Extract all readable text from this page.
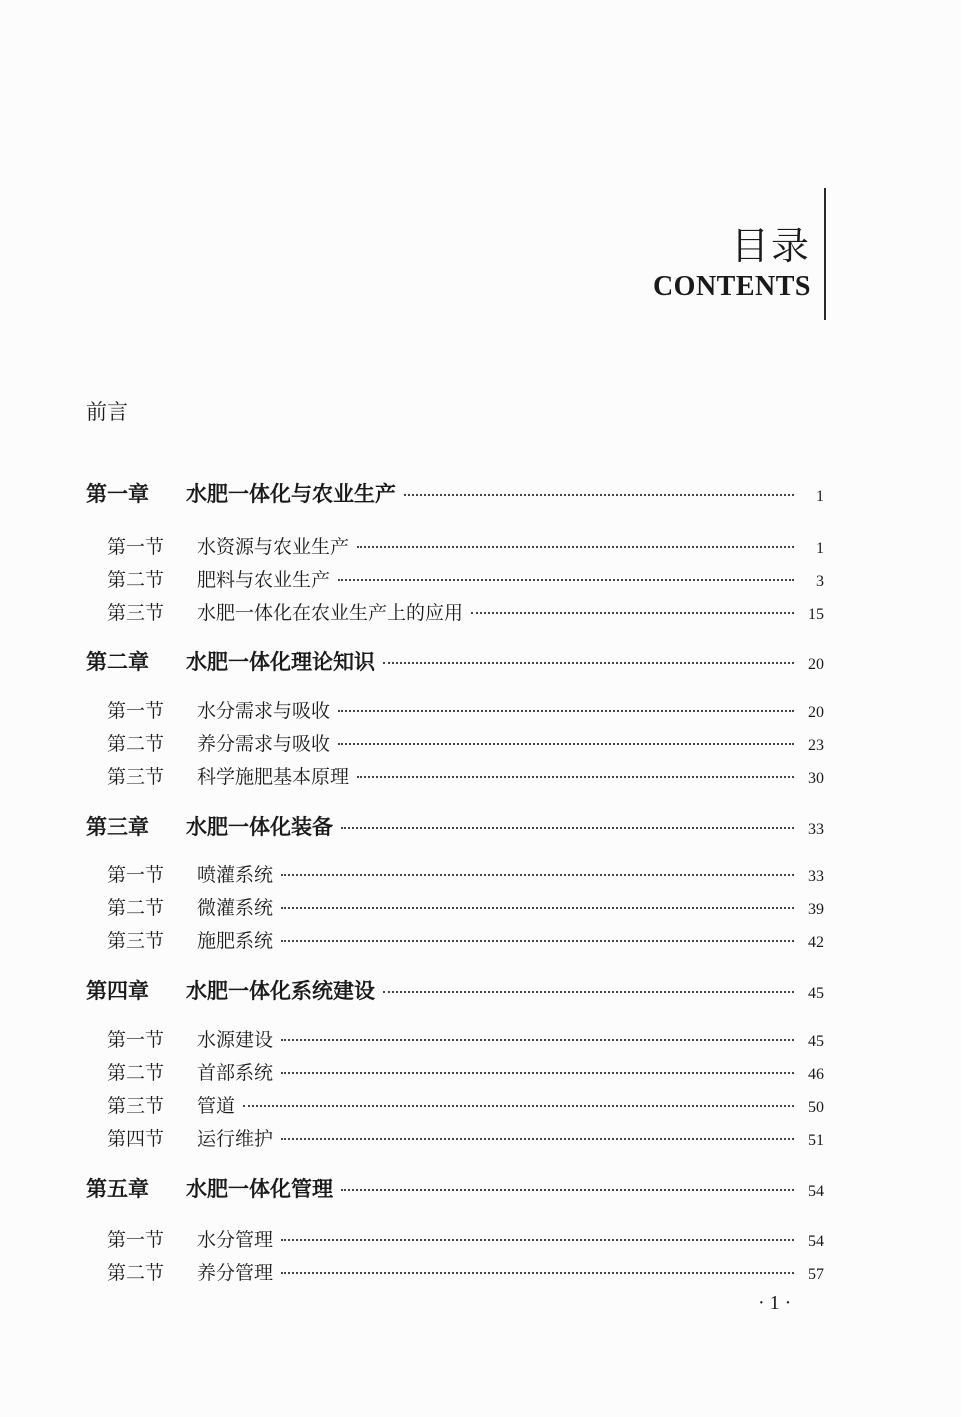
目录
CONTENTS
前言
第一章	水肥一体化与农业生产	1
第一节	水资源与农业生产	1
第二节	肥料与农业生产	3
第三节	水肥一体化在农业生产上的应用	15
第二章	水肥一体化理论知识	20
第一节	水分需求与吸收	20
第二节	养分需求与吸收	23
第三节	科学施肥基本原理	30
第三章	水肥一体化装备	33
第一节	喷灌系统	33
第二节	微灌系统	39
第三节	施肥系统	42
第四章	水肥一体化系统建设	45
第一节	水源建设	45
第二节	首部系统	46
第三节	管道	50
第四节	运行维护	51
第五章	水肥一体化管理	54
第一节	水分管理	54
第二节	养分管理	57
· 1 ·
